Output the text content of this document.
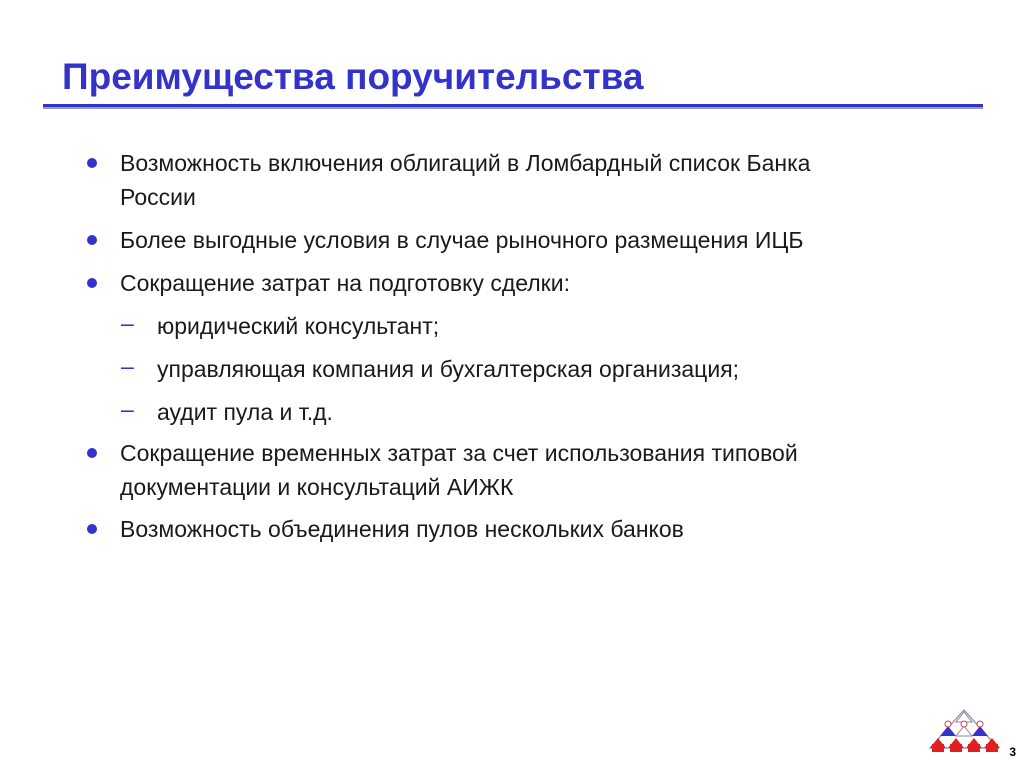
Преимущества поручительства
Возможность включения облигаций в Ломбардный список Банка
России
Более выгодные условия в случае рыночного размещения ИЦБ
Сокращение затрат на подготовку сделки:
– юридический консультант;
– управляющая компания и бухгалтерская организация;
– аудит пула и т.д.
Сокращение временных затрат за счет использования типовой
документации и консультаций АИЖК
Возможность объединения пулов нескольких банков
3
